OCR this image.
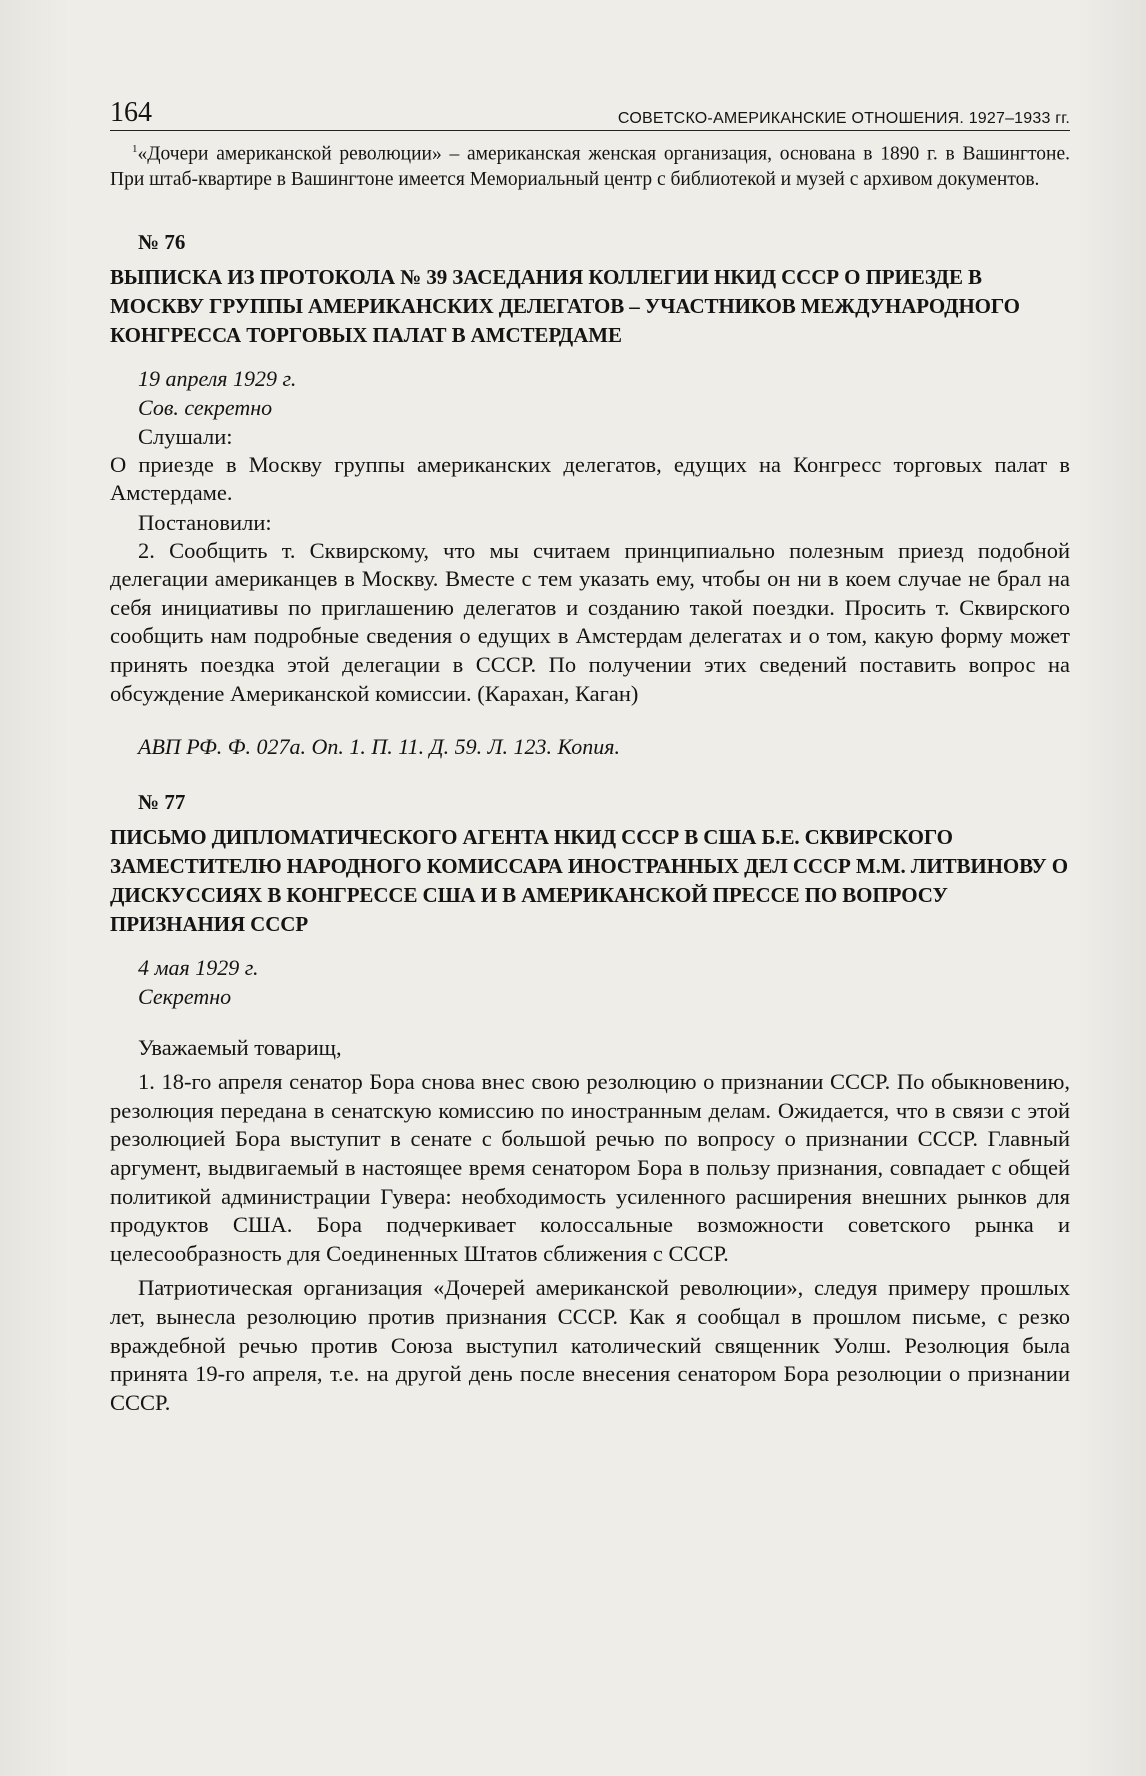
164	СОВЕТСКО-АМЕРИКАНСКИЕ ОТНОШЕНИЯ. 1927–1933 гг.

$^1$«Дочери американской революции» – американская женская организация, основана в 1890 г. в Вашингтоне. При штаб-квартире в Вашингтоне имеется Мемориальный центр с библиотекой и музей с архивом документов.

№ 76
ВЫПИСКА ИЗ ПРОТОКОЛА № 39 ЗАСЕДАНИЯ КОЛЛЕГИИ НКИД СССР О ПРИЕЗДЕ В МОСКВУ ГРУППЫ АМЕРИКАНСКИХ ДЕЛЕГАТОВ – УЧАСТНИКОВ МЕЖДУНАРОДНОГО КОНГРЕССА ТОРГОВЫХ ПАЛАТ В АМСТЕРДАМЕ
19 апреля 1929 г.
Сов. секретно
Слушали:

О приезде в Москву группы американских делегатов, едущих на Конгресс торговых палат в Амстердаме.

Постановили:

2. Сообщить т. Сквирскому, что мы считаем принципиально полезным приезд подобной делегации американцев в Москву. Вместе с тем указать ему, чтобы он ни в коем случае не брал на себя инициативы по приглашению делегатов и созданию такой поездки. Просить т. Сквирского сообщить нам подробные сведения о едущих в Амстердам делегатах и о том, какую форму может принять поездка этой делегации в СССР. По получении этих сведений поставить вопрос на обсуждение Американской комиссии. (Карахан, Каган)

АВП РФ. Ф. 027а. Оп. 1. П. 11. Д. 59. Л. 123. Копия.
№ 77
ПИСЬМО ДИПЛОМАТИЧЕСКОГО АГЕНТА НКИД СССР В США Б.Е. СКВИРСКОГО ЗАМЕСТИТЕЛЮ НАРОДНОГО КОМИССАРА ИНОСТРАННЫХ ДЕЛ СССР М.М. ЛИТВИНОВУ О ДИСКУССИЯХ В КОНГРЕССЕ США И В АМЕРИКАНСКОЙ ПРЕССЕ ПО ВОПРОСУ ПРИЗНАНИЯ СССР
4 мая 1929 г.
Секретно
Уважаемый товарищ,

1. 18-го апреля сенатор Бора снова внес свою резолюцию о признании СССР. По обыкновению, резолюция передана в сенатскую комиссию по иностранным делам. Ожидается, что в связи с этой резолюцией Бора выступит в сенате с большой речью по вопросу о признании СССР. Главный аргумент, выдвигаемый в настоящее время сенатором Бора в пользу признания, совпадает с общей политикой администрации Гувера: необходимость усиленного расширения внешних рынков для продуктов США. Бора подчеркивает колоссальные возможности советского рынка и целесообразность для Соединенных Штатов сближения с СССР.

Патриотическая организация «Дочерей американской революции», следуя примеру прошлых лет, вынесла резолюцию против признания СССР. Как я сообщал в прошлом письме, с резко враждебной речью против Союза выступил католический священник Уолш. Резолюция была принята 19-го апреля, т.е. на другой день после внесения сенатором Бора резолюции о признании СССР.
